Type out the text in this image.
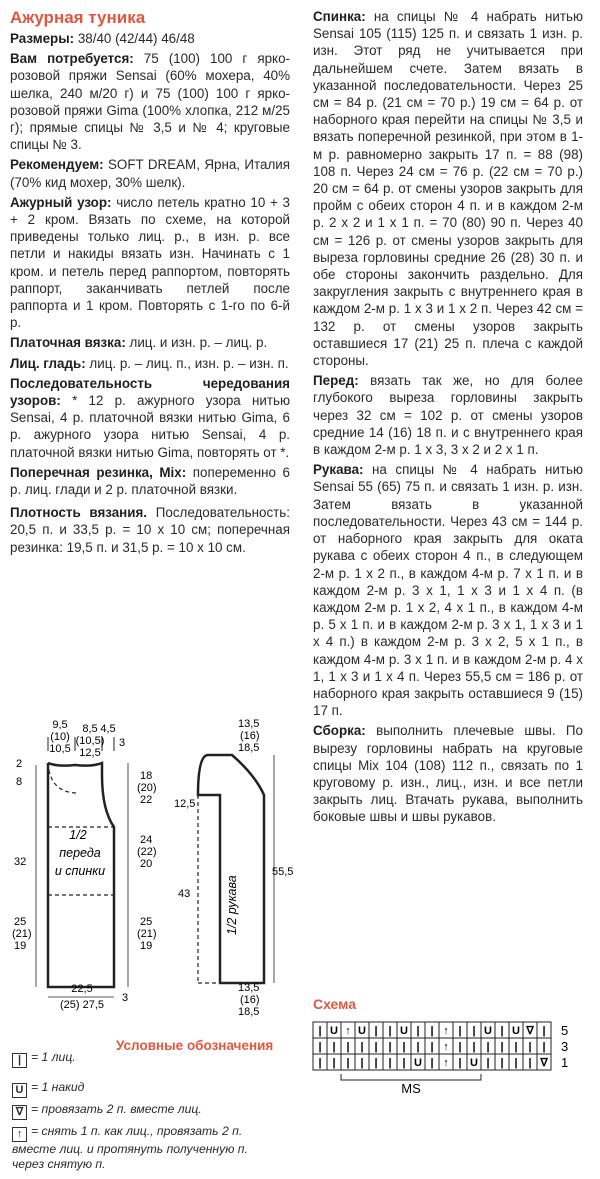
Ажурная туника

Размеры: 38/40 (42/44) 46/48

Вам потребуется: 75 (100) 100 г ярко-розовой пряжи Sensai (60% мохера, 40% шелка, 240 м/20 г) и 75 (100) 100 г ярко-розовой пряжи Gima (100% хлопка, 212 м/25 г); прямые спицы № 3,5 и № 4; круговые спицы № 3.

Рекомендуем: SOFT DREAM, Ярна, Италия (70% кид мохер, 30% шелк).

Ажурный узор: число петель кратно 10 + 3 + 2 кром. Вязать по схеме, на которой приведены только лиц. р., в изн. р. все петли и накиды вязать изн. Начинать с 1 кром. и петель перед раппортом, повторять раппорт, заканчивать петлей после раппорта и 1 кром. Повторять с 1-го по 6-й р.

Платочная вязка: лиц. и изн. р. – лиц. р.

Лиц. гладь: лиц. р. – лиц. п., изн. р. – изн. п.

Последовательность чередования узоров: * 12 р. ажурного узора нитью Sensai, 4 р. платочной вязки нитью Gima, 6 р. ажурного узора нитью Sensai, 4 р. платочной вязки нитью Gima, повторять от *.

Поперечная резинка, Mix: попеременно 6 р. лиц. глади и 2 р. платочной вязки.

Плотность вязания. Последовательность: 20,5 п. и 33,5 р. = 10 х 10 см; поперечная резинка: 19,5 п. и 31,5 р. = 10 х 10 см.

Спинка: на спицы № 4 набрать нитью Sensai 105 (115) 125 п. и связать 1 изн. р. изн. Этот ряд не учитывается при дальнейшем счете. Затем вязать в указанной последовательности. Через 25 см = 84 р. (21 см = 70 р.) 19 см = 64 р. от наборного края перейти на спицы № 3,5 и вязать поперечной резинкой, при этом в 1-м р. равномерно закрыть 17 п. = 88 (98) 108 п. Через 24 см = 76 р. (22 см = 70 р.) 20 см = 64 р. от смены узоров закрыть для пройм с обеих сторон 4 п. и в каждом 2-м р. 2 х 2 и 1 х 1 п. = 70 (80) 90 п. Через 40 см = 126 р. от смены узоров закрыть для выреза горловины средние 26 (28) 30 п. и обе стороны закончить раздельно. Для закругления закрыть с внутреннего края в каждом 2-м р. 1 х 3 и 1 х 2 п. Через 42 см = 132 р. от смены узоров закрыть оставшиеся 17 (21) 25 п. плеча с каждой стороны.

Перед: вязать так же, но для более глубокого выреза горловины закрыть через 32 см = 102 р. от смены узоров средние 14 (16) 18 п. и с внутреннего края в каждом 2-м р. 1 х 3, 3 х 2 и 2 х 1 п.

Рукава: на спицы № 4 набрать нитью Sensai 55 (65) 75 п. и связать 1 изн. р. изн. Затем вязать в указанной последовательности. Через 43 см = 144 р. от наборного края закрыть для оката рукава с обеих сторон 4 п., в следующем 2-м р. 1 х 2 п., в каждом 4-м р. 7 х 1 п. и в каждом 2-м р. 3 х 1, 1 х 3 и 1 х 4 п. (в каждом 2-м р. 1 х 2, 4 х 1 п., в каждом 4-м р. 5 х 1 п. и в каждом 2-м р. 3 х 1, 1 х 3 и 1 х 4 п.) в каждом 2-м р. 3 х 2, 5 х 1 п., в каждом 4-м р. 3 х 1 п. и в каждом 2-м р. 4 х 1, 1 х 3 и 1 х 4 п. Через 55,5 см = 186 р. от наборного края закрыть оставшиеся 9 (15) 17 п.

Сборка: выполнить плечевые швы. По вырезу горловины набрать на круговые спицы Mix 104 (108) 112 п., связать по 1 круговому р. изн., лиц., изн. и все петли закрыть лиц. Втачать рукава, выполнить боковые швы и швы рукавов.

1/2
переда
и спинки
9,5
(10)
10,5
8,5
(10,5)
12,5
4,5
3
2
8
32
25
(21)
19
18
(20)
22
24
(22)
20
25
(21)
19
22,5
(25) 27,5
3
1/2 рукава
13,5
(16)
18,5
12,5
43
55,5
13,5
(16)
18,5
Условные обозначения
| = 1 лиц.
U = 1 накид
∇ = провязать 2 п. вместе лиц.
↑ = снять 1 п. как лиц., провязать 2 п. вместе лиц. и протянуть полученную п. через снятую п.
Схема
| U ↑ U | | U | | ↑ | | U | U ∇ | 5
| | | | | | | | | ↑ | | | | | | | 3
| | | | | | | U | ↑ | U | | | | ∇ 1
MS
